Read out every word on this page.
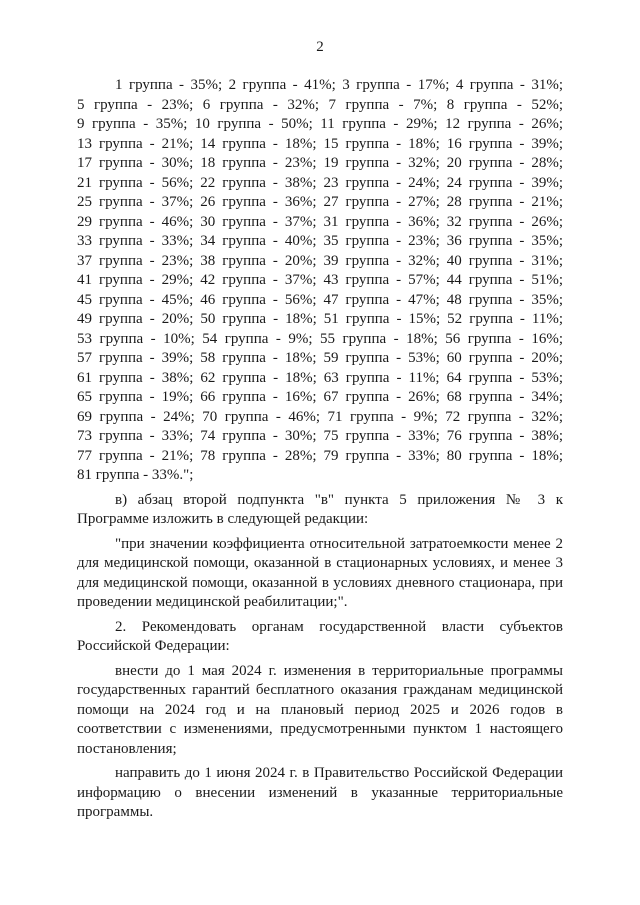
2

1 группа - 35%; 2 группа - 41%; 3 группа - 17%; 4 группа - 31%;

5 группа - 23%; 6 группа - 32%; 7 группа - 7%; 8 группа - 52%;

9 группа - 35%; 10 группа - 50%; 11 группа - 29%; 12 группа - 26%;

13 группа - 21%; 14 группа - 18%; 15 группа - 18%; 16 группа - 39%;

17 группа - 30%; 18 группа - 23%; 19 группа - 32%; 20 группа - 28%;

21 группа - 56%; 22 группа - 38%; 23 группа - 24%; 24 группа - 39%;

25 группа - 37%; 26 группа - 36%; 27 группа - 27%; 28 группа - 21%;

29 группа - 46%; 30 группа - 37%; 31 группа - 36%; 32 группа - 26%;

33 группа - 33%; 34 группа - 40%; 35 группа - 23%; 36 группа - 35%;

37 группа - 23%; 38 группа - 20%; 39 группа - 32%; 40 группа - 31%;

41 группа - 29%; 42 группа - 37%; 43 группа - 57%; 44 группа - 51%;

45 группа - 45%; 46 группа - 56%; 47 группа - 47%; 48 группа - 35%;

49 группа - 20%; 50 группа - 18%; 51 группа - 15%; 52 группа - 11%;

53 группа - 10%; 54 группа - 9%; 55 группа - 18%; 56 группа - 16%;

57 группа - 39%; 58 группа - 18%; 59 группа - 53%; 60 группа - 20%;

61 группа - 38%; 62 группа - 18%; 63 группа - 11%; 64 группа - 53%;

65 группа - 19%; 66 группа - 16%; 67 группа - 26%; 68 группа - 34%;

69 группа - 24%; 70 группа - 46%; 71 группа - 9%; 72 группа - 32%;

73 группа - 33%; 74 группа - 30%; 75 группа - 33%; 76 группа - 38%;

77 группа - 21%; 78 группа - 28%; 79 группа - 33%; 80 группа - 18%;

81 группа - 33%.";

в) абзац второй подпункта "в" пункта 5 приложения № 3 к Программе изложить в следующей редакции:

"при значении коэффициента относительной затратоемкости менее 2 для медицинской помощи, оказанной в стационарных условиях, и менее 3 для медицинской помощи, оказанной в условиях дневного стационара, при проведении медицинской реабилитации;".

2. Рекомендовать органам государственной власти субъектов Российской Федерации:

внести до 1 мая 2024 г. изменения в территориальные программы государственных гарантий бесплатного оказания гражданам медицинской помощи на 2024 год и на плановый период 2025 и 2026 годов в соответствии с изменениями, предусмотренными пунктом 1 настоящего постановления;

направить до 1 июня 2024 г. в Правительство Российской Федерации информацию о внесении изменений в указанные территориальные программы.
